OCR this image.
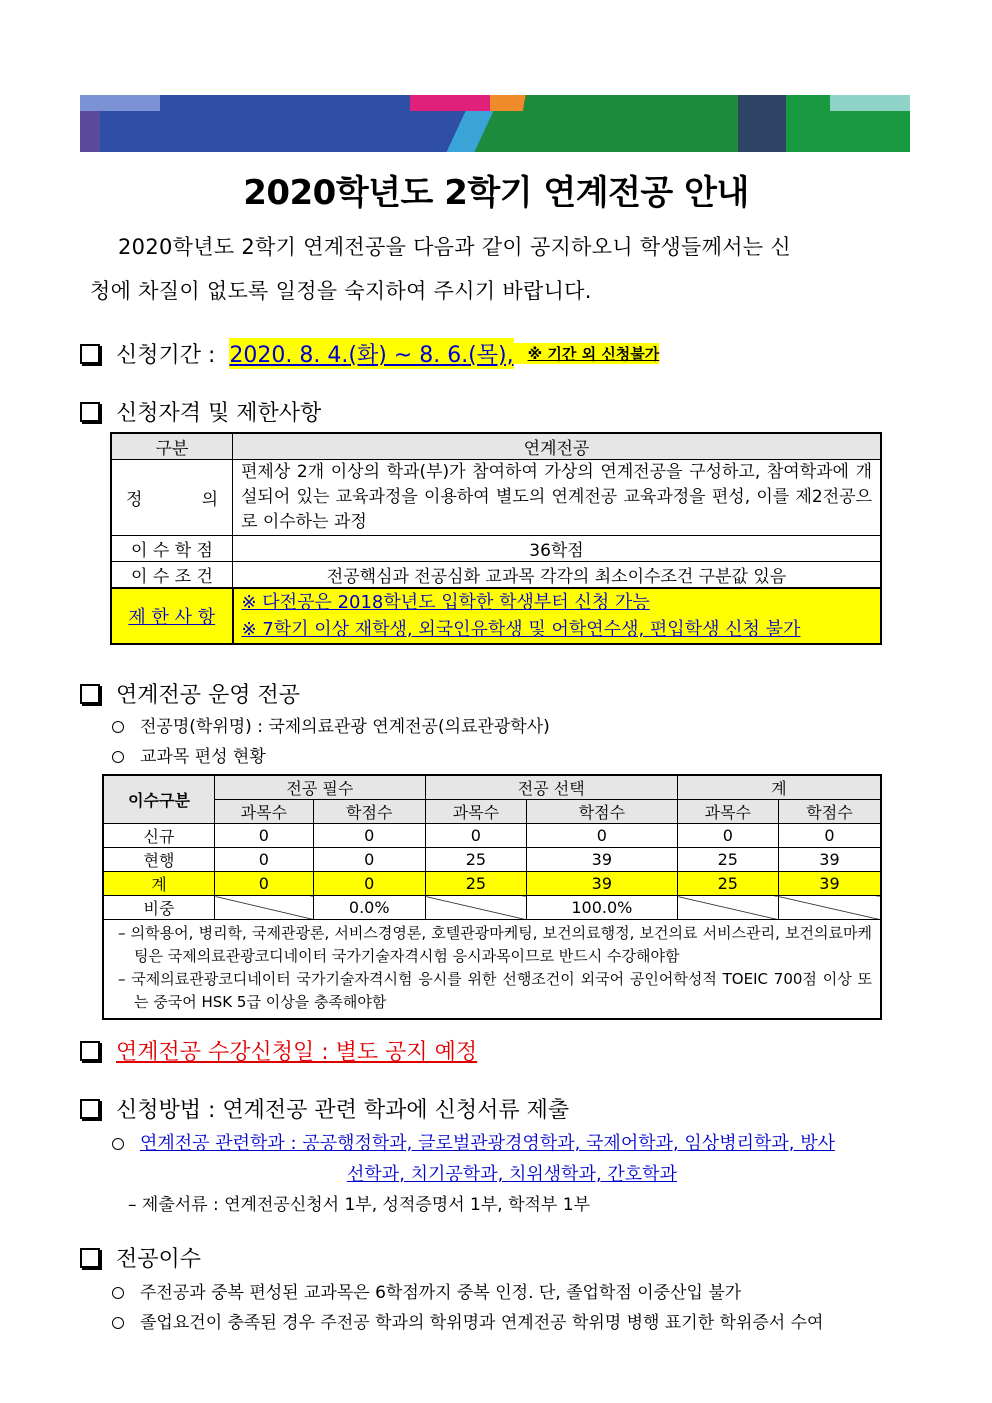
2020학년도 2학기 연계전공 안내
2020학년도 2학기 연계전공을 다음과 같이 공지하오니 학생들께서는 신
청에 차질이 없도록 일정을 숙지하여 주시기 바랍니다.
신청기간 : 2020. 8. 4.(화) ~ 8. 6.(목), ※ 기간 외 신청불가
신청자격 및 제한사항
구분	연계전공
정 의	편제상 2개 이상의 학과(부)가 참여하여 가상의 연계전공을 구성하고, 참여학과에 개설되어 있는 교육과정을 이용하여 별도의 연계전공 교육과정을 편성, 이를 제2전공으로 이수하는 과정
이 수 학 점	36학점
이 수 조 건	전공핵심과 전공심화 교과목 각각의 최소이수조건 구분값 있음
제 한 사 항	※ 다전공은 2018학년도 입학한 학생부터 신청 가능
※ 7학기 이상 재학생, 외국인유학생 및 어학연수생, 편입학생 신청 불가
연계전공 운영 전공
전공명(학위명) : 국제의료관광 연계전공(의료관광학사)
교과목 편성 현황
이수구분	전공 필수		전공 선택		계	
	과목수	학점수	과목수	학점수	과목수	학점수
신규	0	0	0	0	0	0
현행	0	0	25	39	25	39
계	0	0	25	39	25	39
비중		0.0%		100.0%		

– 의학용어, 병리학, 국제관광론, 서비스경영론, 호텔관광마케팅, 보건의료행정, 보건의료 서비스관리, 보건의료마케팅은 국제의료관광코디네이터 국가기술자격시험 응시과목이므로 반드시 수강해야함
– 국제의료관광코디네이터 국가기술자격시험 응시를 위한 선행조건이 외국어 공인어학성적 TOEIC 700점 이상 또는 중국어 HSK 5급 이상을 충족해야함						
연계전공 수강신청일 : 별도 공지 예정
신청방법 : 연계전공 관련 학과에 신청서류 제출
연계전공 관련학과 : 공공행정학과, 글로벌관광경영학과, 국제어학과, 임상병리학과, 방사
선학과, 치기공학과, 치위생학과, 간호학과
– 제출서류 : 연계전공신청서 1부, 성적증명서 1부, 학적부 1부
전공이수
주전공과 중복 편성된 교과목은 6학점까지 중복 인정. 단, 졸업학점 이중산입 불가
졸업요건이 충족된 경우 주전공 학과의 학위명과 연계전공 학위명 병행 표기한 학위증서 수여
